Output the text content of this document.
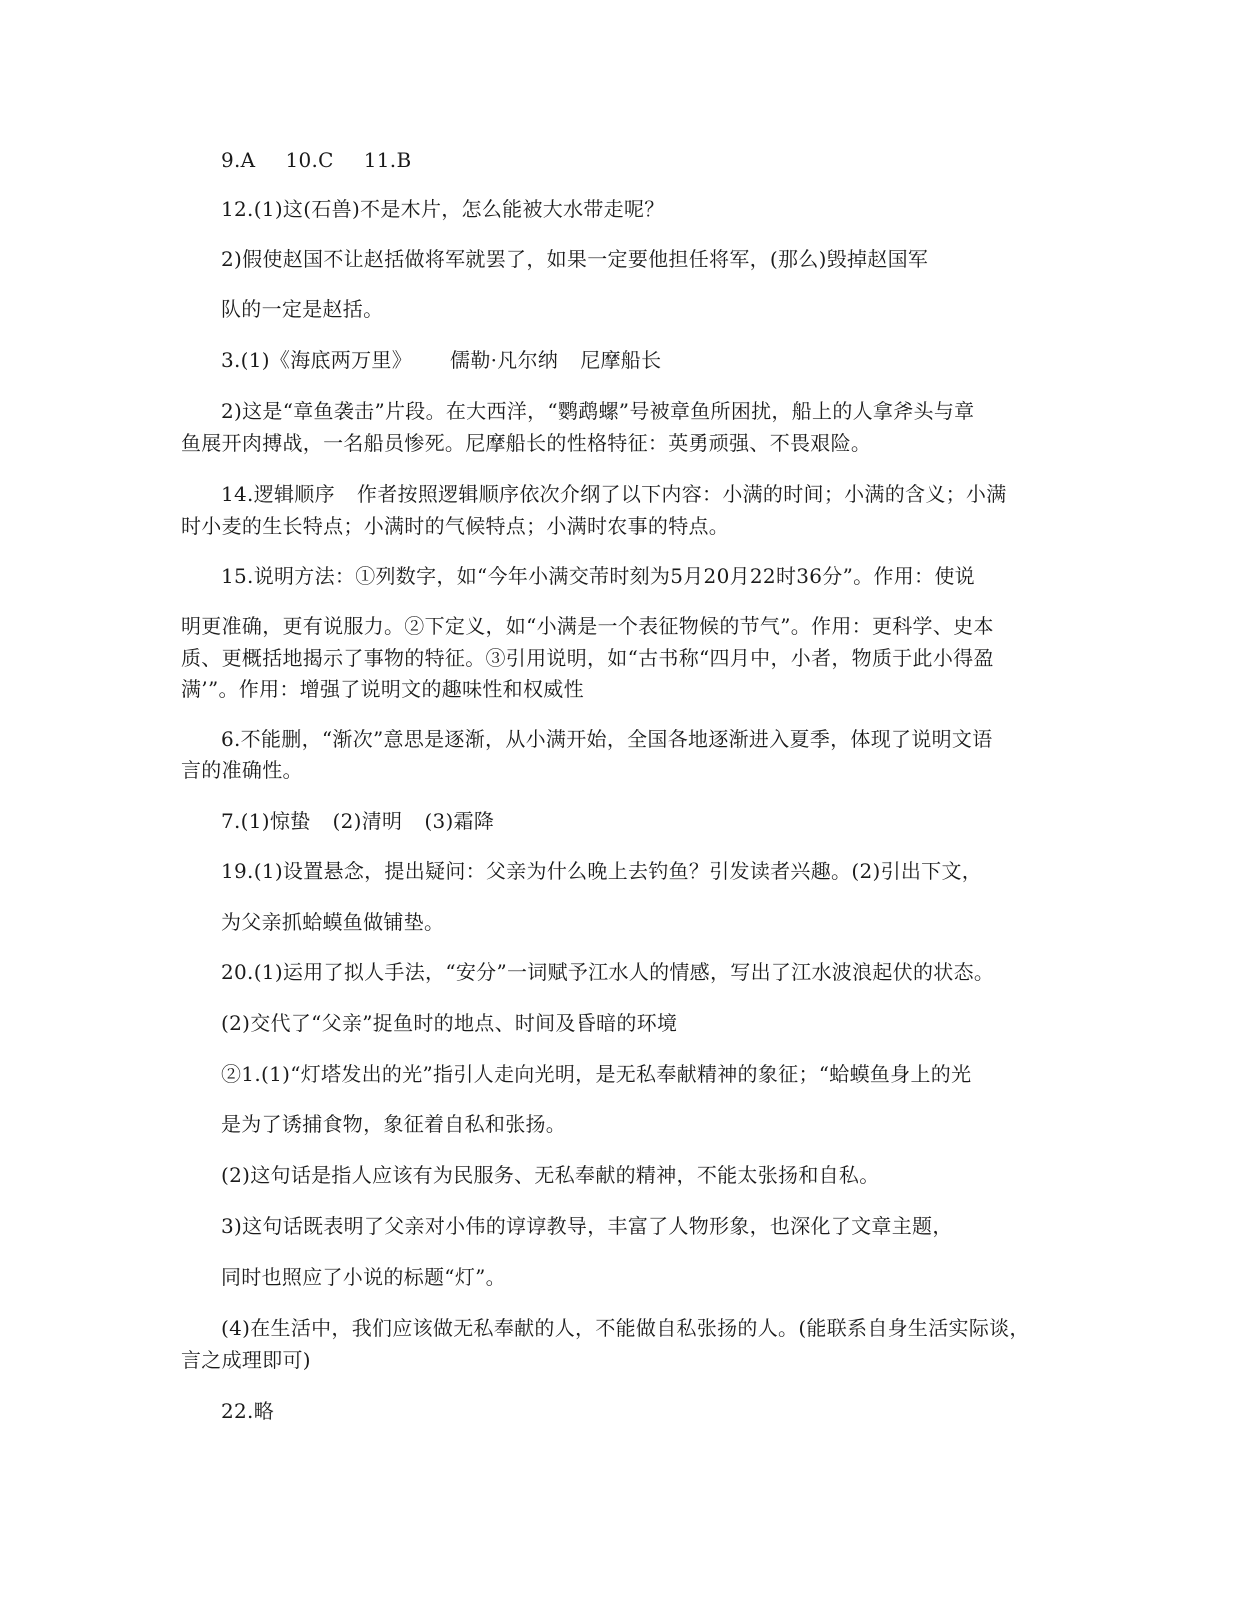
9.A 10.C 11.B
12.(1)这(石兽)不是木片，怎么能被大水带走呢？
2)假使赵国不让赵括做将军就罢了，如果一定要他担任将军，(那么)毁掉赵国军
队的一定是赵括。
3.(1)《海底两万里》 儒勒·凡尔纳 尼摩船长
2)这是“章鱼袭击”片段。在大西洋，“鹦鹉螺”号被章鱼所困扰，船上的人拿斧头与章
鱼展开肉搏战，一名船员惨死。尼摩船长的性格特征：英勇顽强、不畏艰险。
14.逻辑顺序 作者按照逻辑顺序依次介纲了以下内容：小满的时间；小满的含义；小满
时小麦的生长特点；小满时的气候特点；小满时农事的特点。
15.说明方法：①列数字，如“今年小满交芾时刻为5月20月22时36分”。作用：使说
明更准确，更有说服力。②下定义，如“小满是一个表征物候的节气”。作用：更科学、史本
质、更概括地揭示了事物的特征。③引用说明，如“古书称“四月中，小者，物质于此小得盈
满’”。作用：增强了说明文的趣味性和权威性
6.不能删，“渐次”意思是逐渐，从小满开始，全国各地逐渐进入夏季，体现了说明文语
言的准确性。
7.(1)惊蛰 (2)清明 (3)霜降
19.(1)设置悬念，提出疑问：父亲为什么晚上去钓鱼？引发读者兴趣。(2)引出下文，
为父亲抓蛤蟆鱼做铺垫。
20.(1)运用了拟人手法，“安分”一词赋予江水人的情感，写出了江水波浪起伏的状态。
(2)交代了“父亲”捉鱼时的地点、时间及昏暗的环境
②1.(1)“灯塔发出的光”指引人走向光明，是无私奉献精神的象征；“蛤蟆鱼身上的光
是为了诱捕食物，象征着自私和张扬。
(2)这句话是指人应该有为民服务、无私奉献的精神，不能太张扬和自私。
3)这句话既表明了父亲对小伟的谆谆教导，丰富了人物形象，也深化了文章主题，
同时也照应了小说的标题“灯”。
(4)在生活中，我们应该做无私奉献的人，不能做自私张扬的人。(能联系自身生活实际谈，
言之成理即可)
22.略
